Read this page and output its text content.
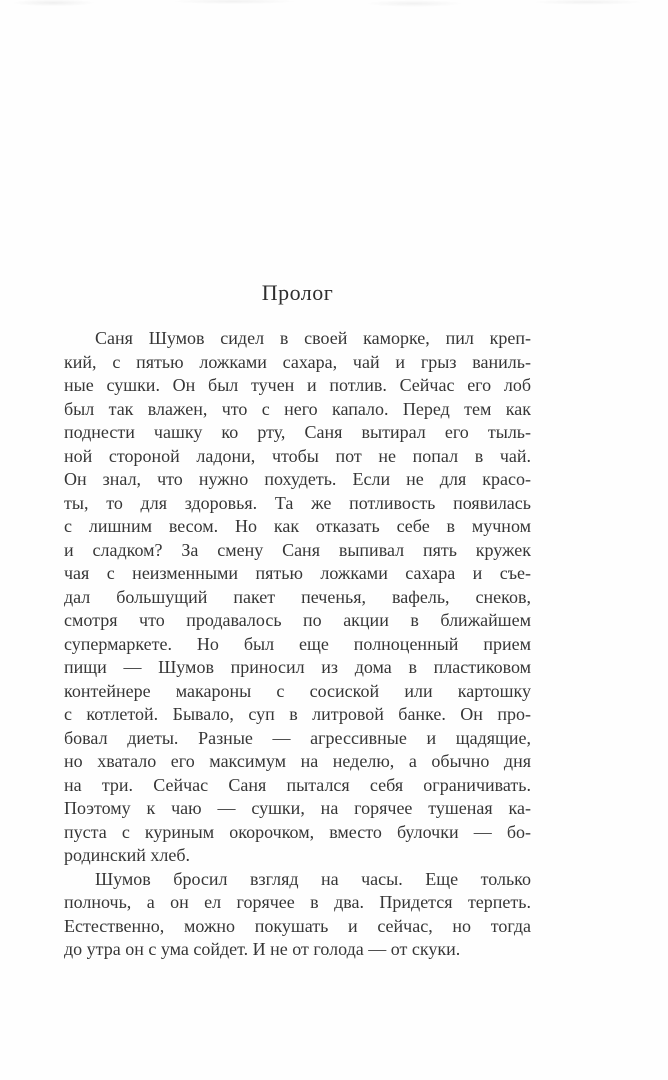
Пролог

Саня Шумов сидел в своей каморке, пил креп-
кий, с пятью ложками сахара, чай и грыз ваниль-
ные сушки. Он был тучен и потлив. Сейчас его лоб
был так влажен, что с него капало. Перед тем как
поднести чашку ко рту, Саня вытирал его тыль-
ной стороной ладони, чтобы пот не попал в чай.
Он знал, что нужно похудеть. Если не для красо-
ты, то для здоровья. Та же потливость появилась
с лишним весом. Но как отказать себе в мучном
и сладком? За смену Саня выпивал пять кружек
чая с неизменными пятью ложками сахара и съе-
дал большущий пакет печенья, вафель, снеков,
смотря что продавалось по акции в ближайшем
супермаркете. Но был еще полноценный прием
пищи — Шумов приносил из дома в пластиковом
контейнере макароны с сосиской или картошку
с котлетой. Бывало, суп в литровой банке. Он про-
бовал диеты. Разные — агрессивные и щадящие,
но хватало его максимум на неделю, а обычно дня
на три. Сейчас Саня пытался себя ограничивать.
Поэтому к чаю — сушки, на горячее тушеная ка-
пуста с куриным окорочком, вместо булочки — бо-
родинский хлеб.

Шумов бросил взгляд на часы. Еще только
полночь, а он ел горячее в два. Придется терпеть.
Естественно, можно покушать и сейчас, но тогда
до утра он с ума сойдет. И не от голода — от скуки.
